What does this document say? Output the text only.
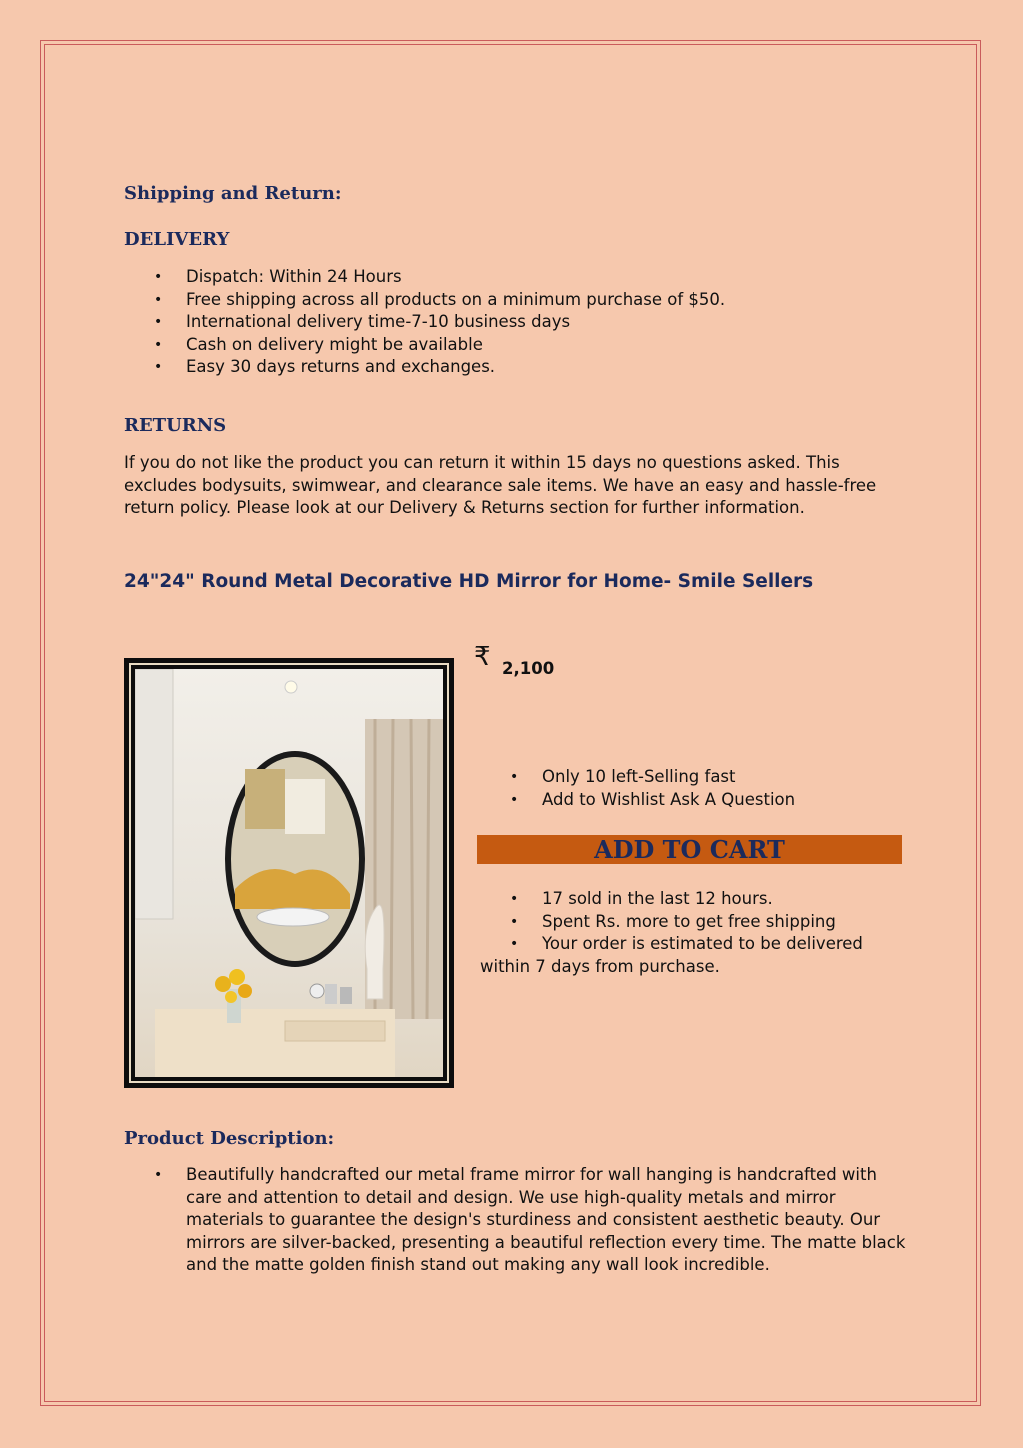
Shipping and Return:
DELIVERY
• Dispatch: Within 24 Hours
• Free shipping across all products on a minimum purchase of $50.
• International delivery time-7-10 business days
• Cash on delivery might be available
• Easy 30 days returns and exchanges.
RETURNS

If you do not like the product you can return it within 15 days no questions asked. This excludes bodysuits, swimwear, and clearance sale items. We have an easy and hassle-free return policy. Please look at our Delivery & Returns section for further information.

24"24" Round Metal Decorative HD Mirror for Home- Smile Sellers
₹ 2,100
• Only 10 left-Selling fast
• Add to Wishlist Ask A Question
ADD TO CART
• 17 sold in the last 12 hours.
• Spent Rs. more to get free shipping
• Your order is estimated to be delivered
within 7 days from purchase.
Product Description:
• Beautifully handcrafted our metal frame mirror for wall hanging is handcrafted with care and attention to detail and design. We use high-quality metals and mirror materials to guarantee the design's sturdiness and consistent aesthetic beauty. Our mirrors are silver-backed, presenting a beautiful reflection every time. The matte black and the matte golden finish stand out making any wall look incredible.
